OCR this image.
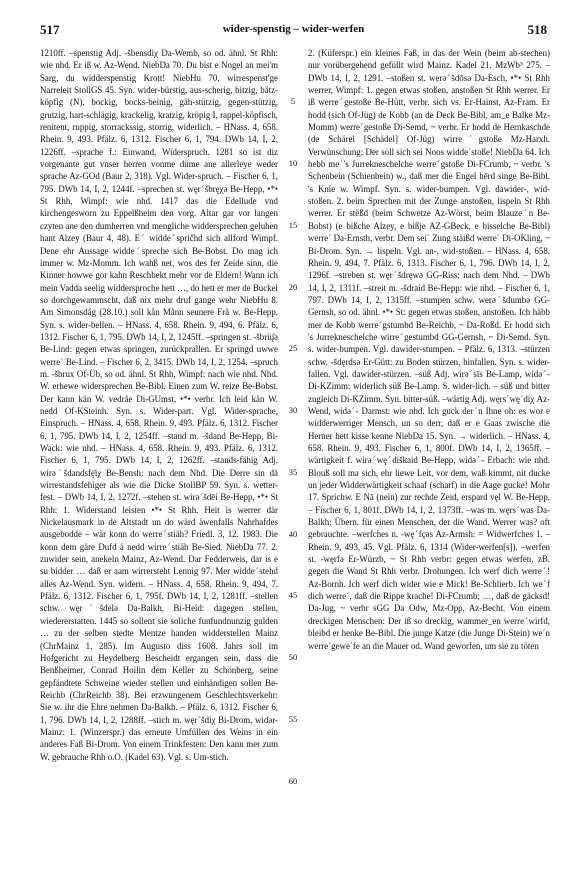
517	wider-spenstig – wider-werfen	518

1210ff. –spenstig Adj. -šbensdiχ Da-Wemb, so od. ähnl. St Rhh: wie nhd. Er iß w. Az-Wend. NiebDa 70. Du bist e Nogel an mei'm Sarg, du widderspenstig Krott! NiebHu 70. wirrespenst'ge Narreleit StollGS 45. Syn. wider-bürstig, aus-scherig, bitzig, bätz-köpfig (N), bockig, bocks-beinig, gäh-stützig, gegen-stützig, grutzig, hart-schlägig, krackelig, kratzig, kröpig I, rappel-köpfisch, renitent, ruppig, storrackssig, storrig, widerlich. – HNass. 4, 658. Rhein. 9, 493. Pfälz. 6, 1312. Fischer 6, 1, 794. DWb 14, I, 2, 1226ff. –sprache f.: Einwand, Widerspruch. 1281 so ist diz vorgenante gut vnser herren vonme düme ane allerleye weder sprache Az-GOd (Baur 2, 318). Vgl. Wider-spruch. – Fischer 6, 1, 795. DWb 14, I, 2, 1244f. –sprechen st. węrˊšbręχə Be-Hepp, •*• St Rhh, Wimpf: wie nhd. 1417 das die Edellude vnd kirchengesworn zu Eppelßheim den vorg. Altar gar vor langen czyten ane den dumherren vnd mengliche widdersprechen geluhen hant Alzey (Baur 4, 48). Eˊ widdeˊspričhd sich allford Wimpf. Dene ehr Aussage widdeˊspreche sich Be-Bobst. Do mag ich immer w. Mz-Momm. Ich wahß net, wos des fer Zeide sinn, die Kinner howwe gor kahn Reschbekt mehr vor de Eldern! Wann ich mein Vadda seelig widdersproche hett …, do hett er mer de Buckel so dorchgewammscht, daß nix mehr druf gange wehr NiebHu 8. Am Simonsdåg (28.10.) soll kån Månn seunere Frå w. Be-Hepp. Syn. s. wider-bellen. – HNass. 4, 658. Rhein. 9, 494, 6. Pfälz. 6, 1312. Fischer 6, 1, 795. DWb 14, I, 2, 1245ff. –springen st. -šbrių̈ə Be-Lind: gegen etwas springen, zurückprallen. Er springd uwwe werreˊ Be-Lind. – Fischer 6, 2, 3415. DWb 14, I, 2, 1254. –spruch m. -šbrux Of-Üb, so od. ähnl. St Rhh, Wimpf: nach wie nhd. Nhd. W. erhewe widersprechen Be-Bibl. Einen zum W. reize Be-Bobst. Der kann kän W. vedråe Di-GUmst, •*• verbr. Ich leid kän W. nedd Of-KSteinh. Syn. s. Wider-part. Vgl. Wider-sprache, Einspruch. – HNass. 4, 658. Rhein. 9, 493. Pfälz. 6, 1312. Fischer 6, 1, 795. DWb 14, I, 2, 1254ff. –stand m. -šdand Be-Hepp, Bi-Wack: wie nhd. – HNass. 4, 658. Rhein. 9, 493. Pfälz. 6, 1312. Fischer 6, 1, 795. DWb 14, I, 2, 1262ff. –stands-fähig Adj. wirəˊšdandsfę̄iχ Be-Bensh: nach dem Nhd. Die Derre sin dä wirrestandsfehiger als wie die Dicke StollBP 59. Syn. s. wetter-fest. – DWb 14, I, 2, 1272f. –stehen st. wirəˊšdēi Be-Hepp, •*• St Rhh: 1. Widerstand leisten •*• St Rhh. Heit is werrer där Nickelausmark in de Altstadt un do wärd äwenfalls Nahrhafdes ausgebodde – wär konn do werreˊstiäh? Friedl. 3, 12. 1983. Die konn dem gäre Dufd ä nedd wirreˊstiäh Be-Sied. NiebDa 77. 2. zuwider sein, anekeln Mainz, Az-Wend. Dar Fedderweis, dar is e su bidder … daß er aam wirrersteht Lennig 97. Mer widdeˊstehd alles Az-Wend. Syn. widern. – HNass. 4, 658. Rhein. 9, 494, 7. Pfälz. 6, 1312. Fischer 6, 1, 795f. DWb 14, I, 2, 1281ff. –stellen schw. węrˊšdelə Da-Balkh, Bi-Heid: dagegen stellen, wiedererstatten. 1445 so sollent sie soliche funfundnunzig gulden … zu der selben stedte Mentze handen widderstellen Mainz (ChrMainz 1, 285). Im Augusto diss 1608. Jahrs soll im Hofgericht zu Heydelberg Bescheidt ergangen sein, dass die Benßheimer, Conrad Hoilin dem Keller zu Schönberg, seine gepfändtete Schweine wieder stellen und einhändigen sollen Be-Reichb (ChrReichb 38). Bei erzwungenem Geschlechtsverkehr: Sie w. ihr die Ehre nehmen Da-Balkh. – Pfälz. 6, 1312. Fischer 6, 1, 796. DWb 14, I, 2, 1288ff. –stich m. węrˊšdiχ Bi-Drom, widər- Mainz: 1. (Winzerspr.) das erneute Umfüllen des Weins in ein anderes Faß Bi-Drom. Von einem Trinkfesten: Den kann mer zum W. gebrauche Rhh o.O. (Kadel 63). Vgl. s. Um-stich.

5
10
15
20
25
30
35
40
45
50
55
60

2. (Küferspr.) ein kleines Faß, in das der Wein (beim ab-stechen) nur vorübergehend gefüllt wird Mainz. Kadel 21. MzWb³ 275. – DWb 14, I, 2, 1291. –stoßen st. werəˊšdōsə Da-Esch, •*• St Rhh werrer, Wimpf: 1. gegen etwas stoßen, anstoßen St Rhh werrer. Er iß werreˊgestoße Be-Hütt, verbr. sich vs. Er-Hainst, Az-Fram. Er hodd (sich Of-Jüg) de Kobb (an de Deck Be-Bibl, am_e Balke Mz-Momm) werreˊgestoße Di-Semd, ~ verbr. Er hodd de Hernkaschde (de Schärel [Schädel] Of-Jüg) wirreˊgstoße Mz-Harxh. Verwünschung: Der soll sich sei Noos widdeˊstoße! NiebDa 64. Ich hebb meˊ's Jurrekneschelche werreˊgstoße Di-FCrumb, ~ verbr. 's Schenbein (Schienbein) w., daß mer die Engel hērd singe Be-Bibl. 's Knie w. Wimpf. Syn. s. wider-bumpen. Vgl. dawider-, wid-stoßen. 2. beim Sprechen mit der Zunge anstoßen, lispeln St Rhh werrer. Er stëßd (beim Schwetze Az-Wörst, beim Blauzeˊn Be-Bobst) (e bißche Alzey, e bißje AZ-GBeck, e bisselche Be-Bibl) werreˊ Da-Ernsth, verbr. Dem seiˊ Zung stäißd werreˊ Di-OKling, ~ Bi-Drom. Syn. → lispeln. Vgl. an-, wid-stoßen. – HNass. 4, 658. Rhein. 9, 494, 7. Pfälz. 6, 1313. Fischer 6, 1, 796. DWb 14, I, 2, 1296f. –streben st. węrˊšdręwə GG-Riss: nach dem Nhd. – DWb 14, I, 2, 1311f. –streit m. -šdraid Be-Hepp: wie nhd. – Fischer 6, 1, 797. DWb 14, I, 2, 1315ff. –stumpen schw. werəˊšdumbə GG-Gernsh, so od. ähnl. •*• St: gegen etwas stoßen, anstoßen. Ich häbb mer de Kobb werreˊgstumbd Be-Reichb, ~ Da-Roßd. Er hodd sich 's Jurrekneschelche wirreˊgestumbd GG-Gernsh, ~ Di-Semd. Syn. s. wider-bumpen. Vgl. dawider-stumpen. – Pfälz. 6, 1313. –stürzen schw. -šdęrdsə Er-Gütt: zu Boden stürzen, hinfallen. Syn. s. wider-fallen. Vgl. dawider-stürzen. –süß Adj. wirəˊsīs Be-Lamp, widəˊ- Di-KZimm: widerlich süß Be-Lamp. S. wider-lich. – süß und bitter zugleich Di-KZimm. Syn. bitter-süß. –wärtig Adj. węrsˊwęˊdiχ Az-Wend, widəˊ- Darmst: wie nhd. Ich guck derˊn Ihne oh: es wor e widderwerriger Mensch, un so derr, daß er e Gaas zwische die Herner hett kisse kenne NiebDa 15. Syn. → widerlich. – HNass. 4, 658. Rhein. 9, 493. Fischer 6, 1, 800f. DWb 14, I, 2, 1365ff. –wärtigkeit f. wirəˊwęˊdiškaid Be-Hepp, widəˊ- Erbach: wie nhd. Blouß soll ma sich, ehr liewe Leit, vor dem, waß kimmt, nit ducke un jeder Widderwärtigkeit schaaf (scharf) in die Aage gucke! Mohr 17. Sprichw. E Nā (nein) zur rechde Zeid, erspard vęl W. Be-Hepp. – Fischer 6, 1, 801f. DWb 14, I, 2, 1373ff. –was m. węrsˊwas Da-Balkh: Übern. für einen Menschen, der die Wand. Werrer was? oft gebrauchte. –werfches n. -węˊfçəs Az-Armsh: = Widwerfches 1. – Rhein. 9, 493, 45. Vgl. Pfälz. 6, 1314 (Wider-werfen[s]). –werfen st. -węrfə Er-Würzb, ~ St Rhh verbr: gegen etwas werfen, zB. gegen die Wand St Rhh verbr. Drohungen. Ich werf dich werreˊ! Az-Bornh. Ich werf dich wider wie e Mick! Be-Schlierb. Ich weˊf dich werreˊ, daß die Rippe krache! Di-FCrumb; …, daß de gäcksd! Da-Jug, ~ verbr sGG Da Odw, Mz-Opp, Az-Becht. Von einem dreckigen Menschen: Der iß so dreckig, wammer_en werreˊwirfd, bleibd er henke Be-Bibl. Die junge Katze (die Junge Di-Stein) weˊn werreˊgeweˊfe an die Mauer od. Wand geworfen, um sie zu töten
